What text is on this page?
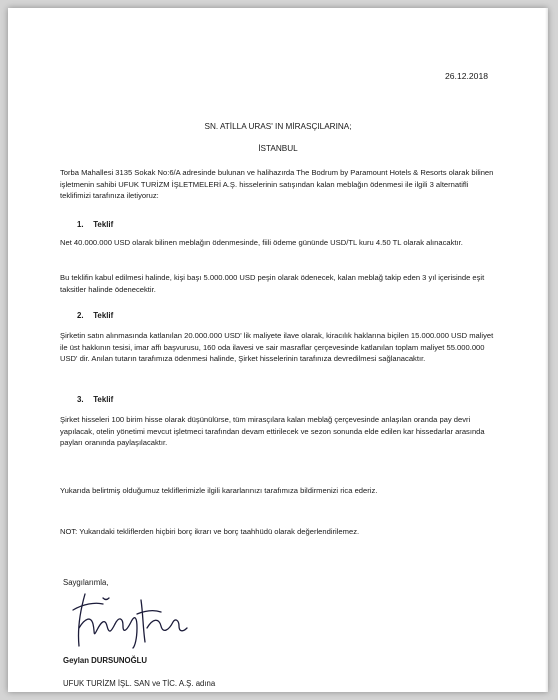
26.12.2018
SN. ATİLLA URAS' IN MİRASÇILARINA;
İSTANBUL

Torba Mahallesi 3135 Sokak No:6/A adresinde bulunan ve halihazırda The Bodrum by Paramount Hotels & Resorts olarak bilinen işletmenin sahibi UFUK TURİZM İŞLETMELERİ A.Ş. hisselerinin satışından kalan meblağın ödenmesi ile ilgili 3 alternatifli teklifimizi tarafınıza iletiyoruz:

1. Teklif

Net 40.000.000 USD olarak bilinen meblağın ödenmesinde, fiili ödeme gününde USD/TL kuru 4.50 TL olarak alınacaktır.

Bu teklifin kabul edilmesi halinde, kişi başı 5.000.000 USD peşin olarak ödenecek, kalan meblağ takip eden 3 yıl içerisinde eşit taksitler halinde ödenecektir.

2. Teklif

Şirketin satın alınmasında katlanılan 20.000.000 USD' lik maliyete ilave olarak, kiracılık haklarına biçilen 15.000.000 USD maliyet ile üst hakkının tesisi, imar affı başvurusu, 160 oda ilavesi ve sair masraflar çerçevesinde katlanılan toplam maliyet 55.000.000 USD' dir. Anılan tutarın tarafımıza ödenmesi halinde, Şirket hisselerinin tarafınıza devredilmesi sağlanacaktır.

3. Teklif

Şirket hisseleri 100 birim hisse olarak düşünülürse, tüm mirasçılara kalan meblağ çerçevesinde anlaşılan oranda pay devri yapılacak, otelin yönetimi mevcut işletmeci tarafından devam ettirilecek ve sezon sonunda elde edilen kar hissedarlar arasında payları oranında paylaşılacaktır.

Yukarıda belirtmiş olduğumuz tekliflerimizle ilgili kararlarınızı tarafımıza bildirmenizi rica ederiz.

NOT: Yukarıdaki tekliflerden hiçbiri borç ikrarı ve borç taahhüdü olarak değerlendirilemez.

Saygılarımla,
Geylan DURSUNOĞLU
UFUK TURİZM İŞL. SAN ve TİC. A.Ş. adına
